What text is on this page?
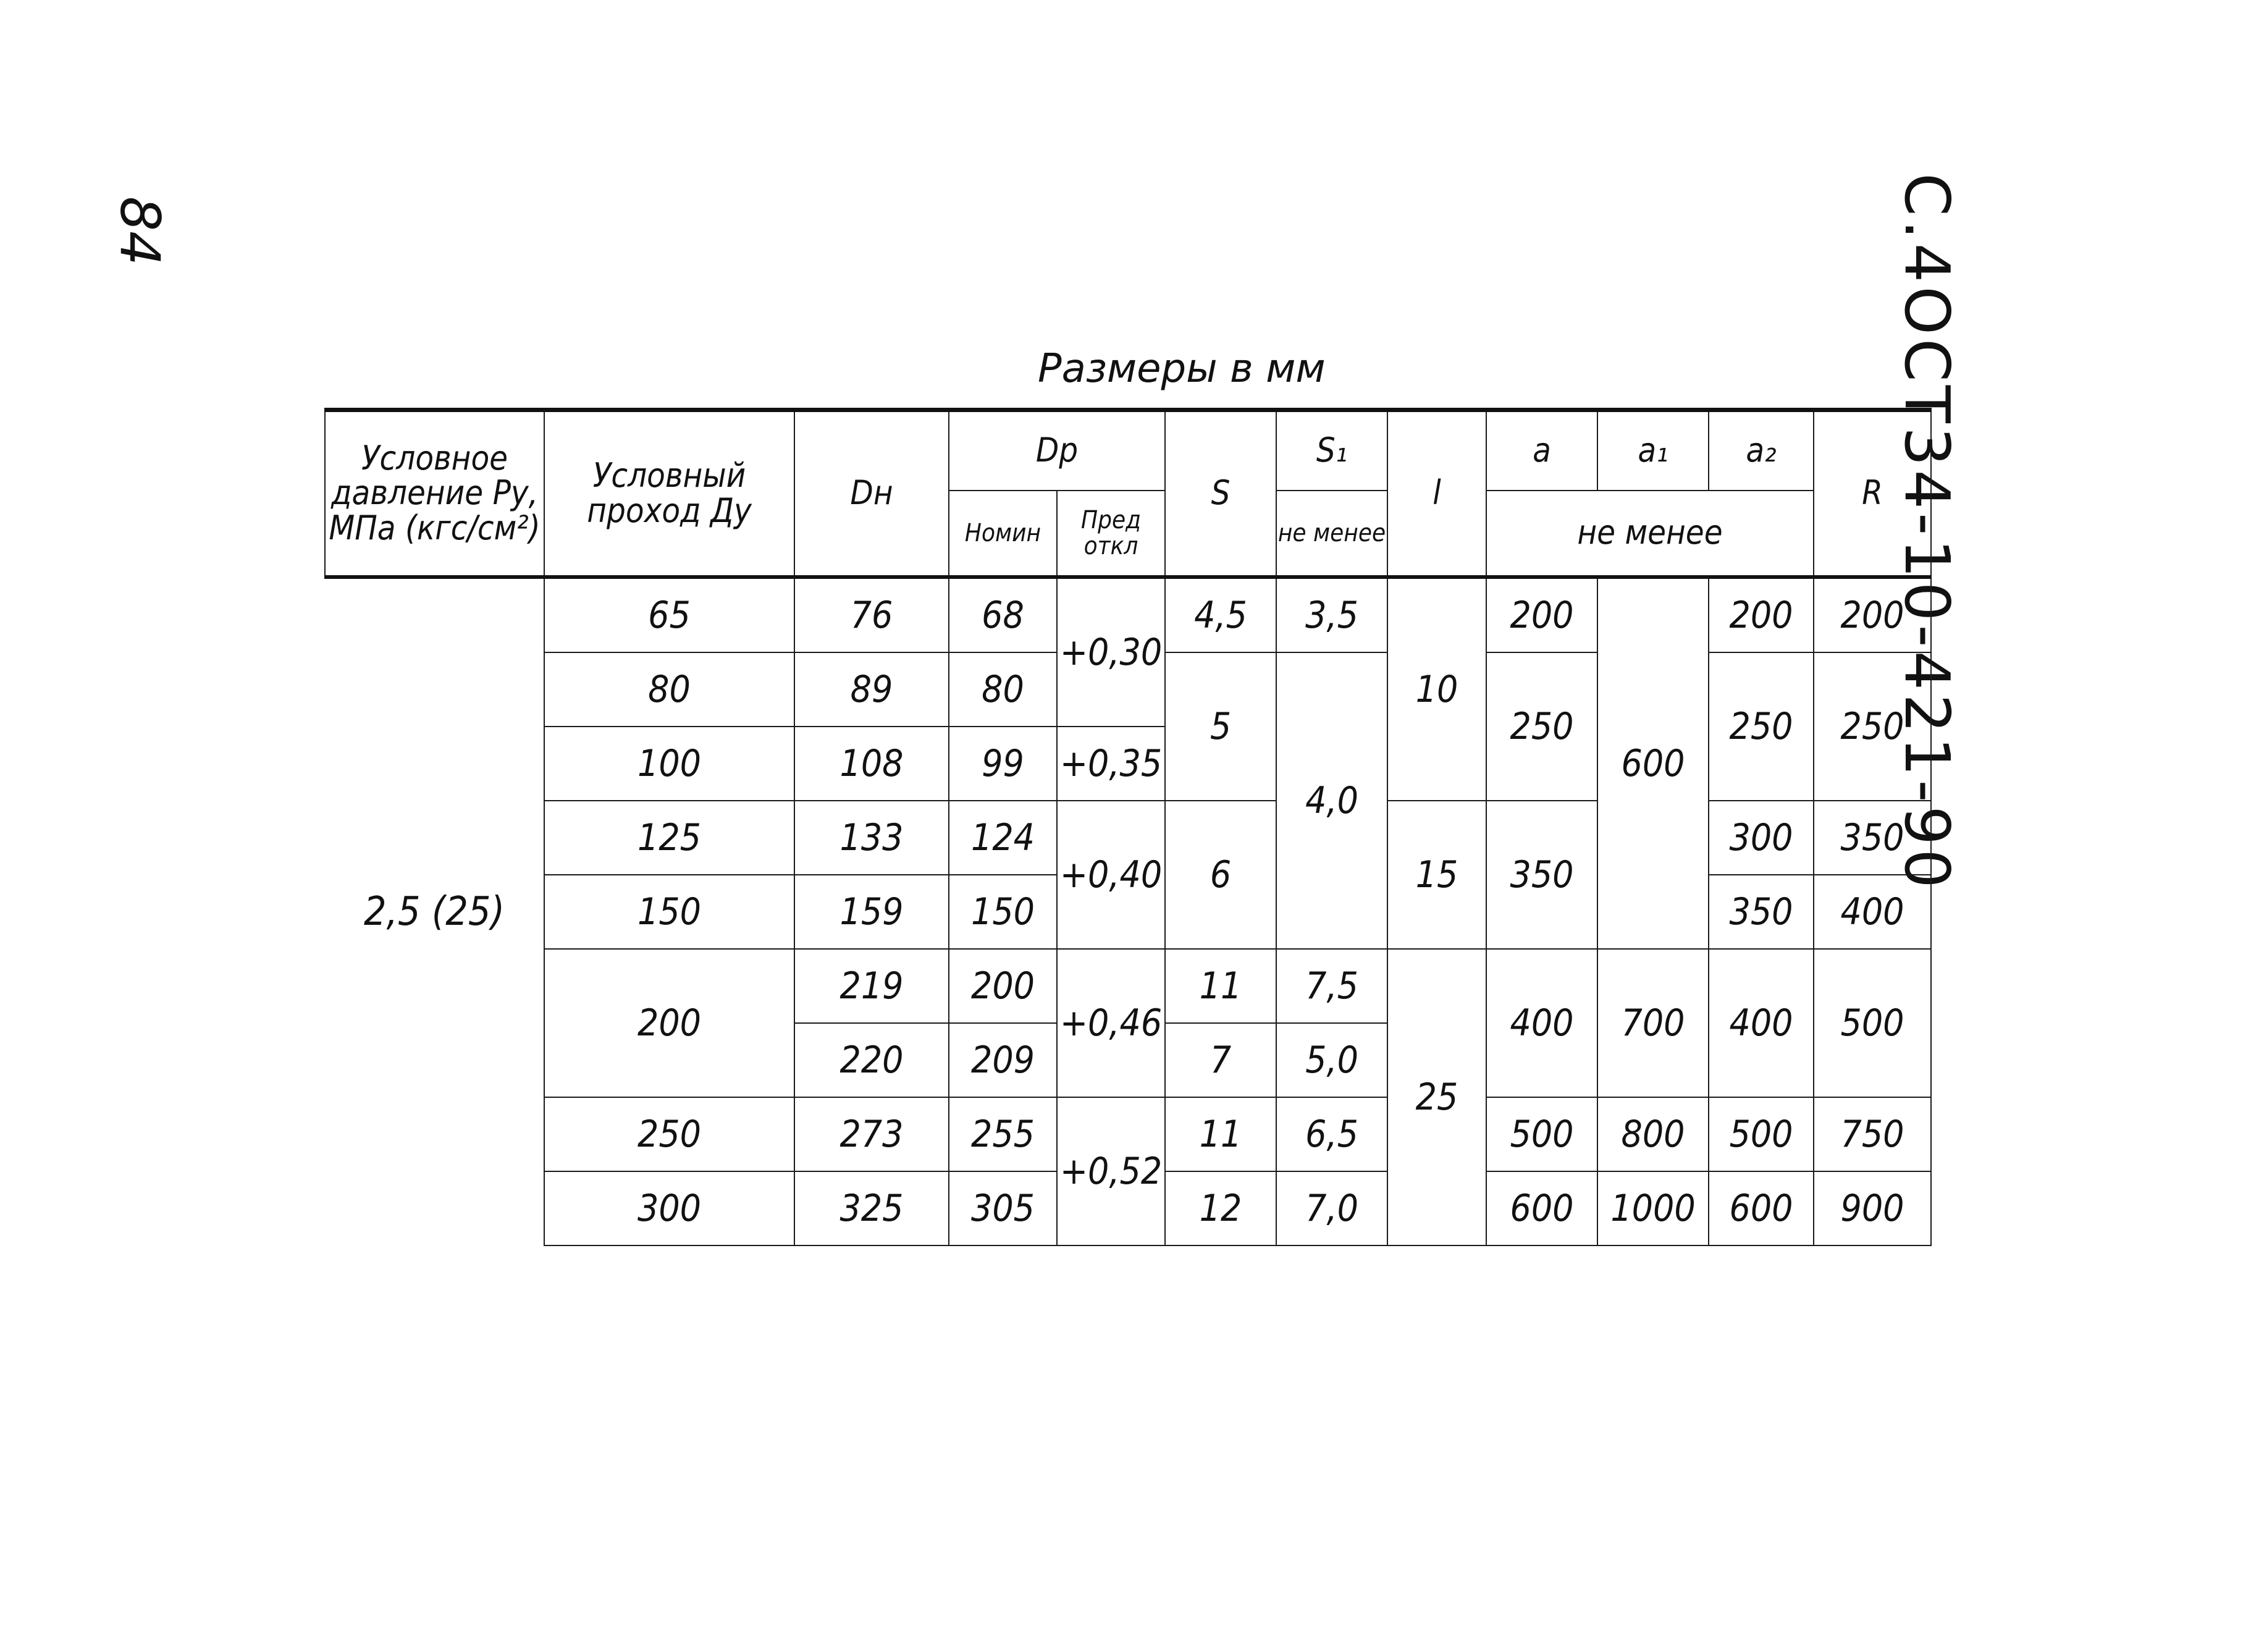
84	С.4
ОСТ34-10-421-90
Размеры в мм
Условное давление Ру, МПа (кгс/см²)	Условный проход Ду	Dн	Dр		S	S₁	l	a	a₁	a₂	R
			Номин	Пред откл		не менее		не менее			
2,5 (25)	65	76	68	+0,30	4,5	3,5	10	200	600	200	200
	80	89	80		5	4,0		250		250	250
	100	108	99	+0,35							
	125	133	124	+0,40	6		15	350		300	350
	150	159	150							350	400
	200	219	200	+0,46	11	7,5	25	400	700	400	500
		220	209		7	5,0					
	250	273	255	+0,52	11	6,5		500	800	500	750
	300	325	305		12	7,0		600	1000	600	900
